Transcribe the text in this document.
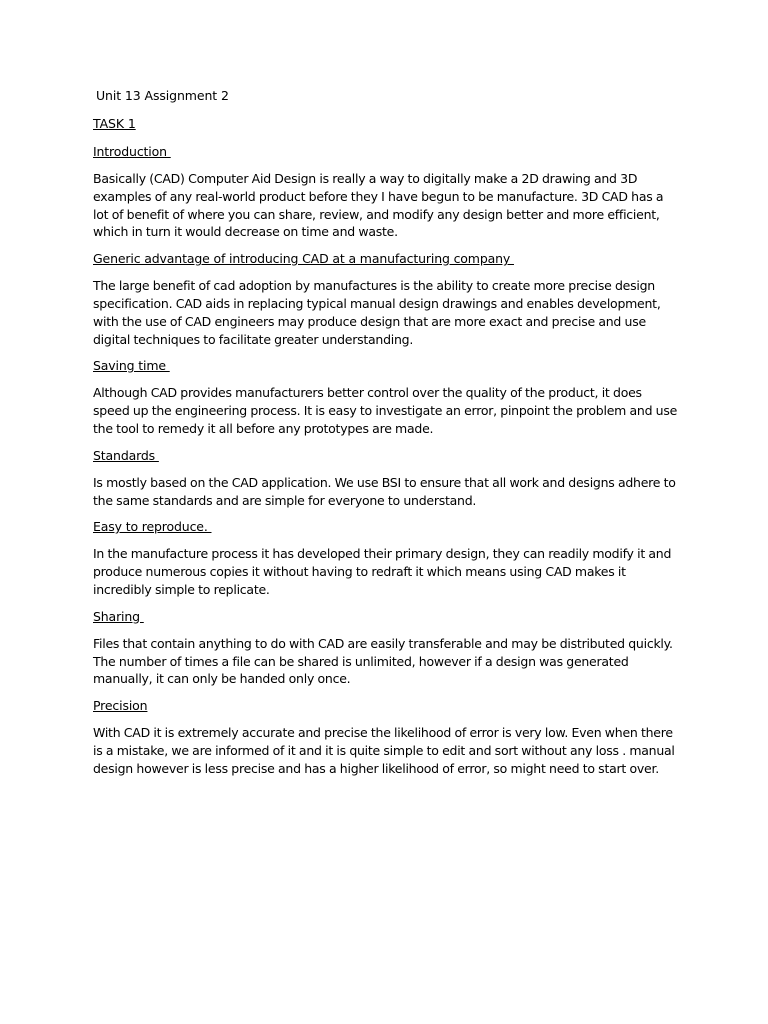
Unit 13 Assignment 2
TASK 1
Introduction

Basically (CAD) Computer Aid Design is really a way to digitally make a 2D drawing and 3D examples of any real-world product before they I have begun to be manufacture. 3D CAD has a lot of benefit of where you can share, review, and modify any design better and more efficient, which in turn it would decrease on time and waste.

Generic advantage of introducing CAD at a manufacturing company

The large benefit of cad adoption by manufactures is the ability to create more precise design specification. CAD aids in replacing typical manual design drawings and enables development, with the use of CAD engineers may produce design that are more exact and precise and use digital techniques to facilitate greater understanding.

Saving time

Although CAD provides manufacturers better control over the quality of the product, it does speed up the engineering process. It is easy to investigate an error, pinpoint the problem and use the tool to remedy it all before any prototypes are made.

Standards

Is mostly based on the CAD application. We use BSI to ensure that all work and designs adhere to the same standards and are simple for everyone to understand.

Easy to reproduce.

In the manufacture process it has developed their primary design, they can readily modify it and produce numerous copies it without having to redraft it which means using CAD makes it incredibly simple to replicate.

Sharing

Files that contain anything to do with CAD are easily transferable and may be distributed quickly. The number of times a file can be shared is unlimited, however if a design was generated manually, it can only be handed only once.

Precision

With CAD it is extremely accurate and precise the likelihood of error is very low. Even when there is a mistake, we are informed of it and it is quite simple to edit and sort without any loss . manual design however is less precise and has a higher likelihood of error, so might need to start over.
